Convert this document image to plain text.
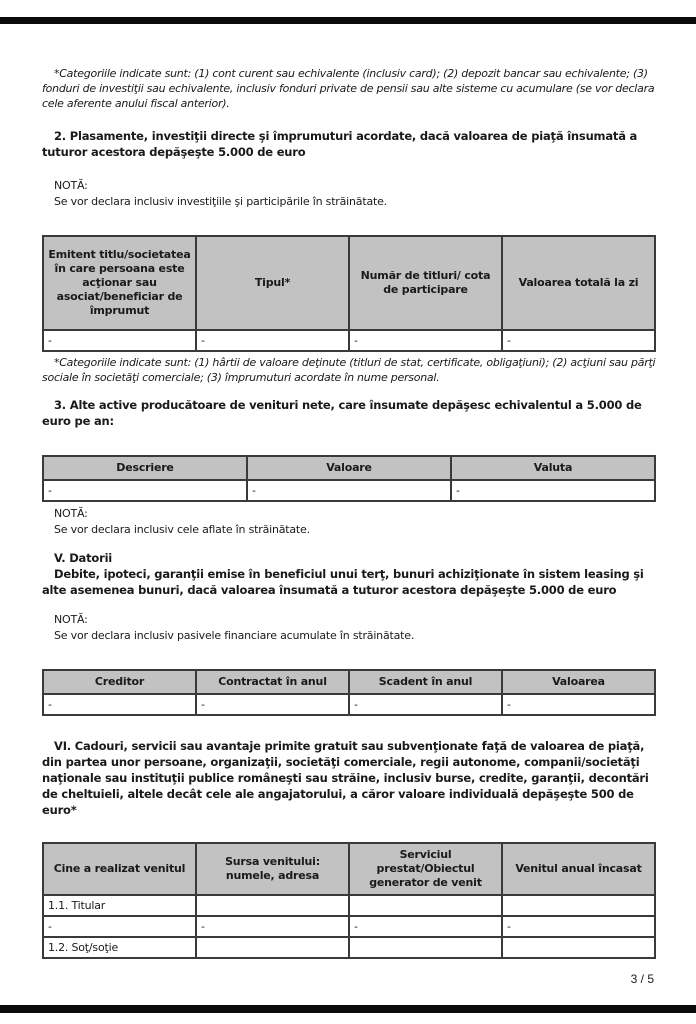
*Categoriile indicate sunt: (1) cont curent sau echivalente (inclusiv card); (2) depozit bancar sau echivalente; (3) fonduri de investiţii sau echivalente, inclusiv fonduri private de pensii sau alte sisteme cu acumulare (se vor declara cele aferente anului fiscal anterior).

2. Plasamente, investiţii directe şi împrumuturi acordate, dacă valoarea de piaţă însumată a tuturor acestora depăşeşte 5.000 de euro

NOTĂ:

Se vor declara inclusiv investiţiile şi participările în străinătate.

Emitent titlu/societatea în care persoana este acţionar sau asociat/beneficiar de împrumut	Tipul*	Număr de titluri/ cota de participare	Valoarea totală la zi
-	-	-	-

*Categoriile indicate sunt: (1) hârtii de valoare deţinute (titluri de stat, certificate, obligaţiuni); (2) acţiuni sau părţi sociale în societăţi comerciale; (3) împrumuturi acordate în nume personal.

3. Alte active producătoare de venituri nete, care însumate depăşesc echivalentul a 5.000 de euro pe an:

Descriere	Valoare	Valuta
-	-	-

NOTĂ:

Se vor declara inclusiv cele aflate în străinătate.

V. Datorii

Debite, ipoteci, garanţii emise în beneficiul unui terţ, bunuri achiziţionate în sistem leasing şi alte asemenea bunuri, dacă valoarea însumată a tuturor acestora depăşeşte 5.000 de euro

NOTĂ:

Se vor declara inclusiv pasivele financiare acumulate în străinătate.

Creditor	Contractat în anul	Scadent în anul	Valoarea
-	-	-	-

VI. Cadouri, servicii sau avantaje primite gratuit sau subvenţionate faţă de valoarea de piaţă, din partea unor persoane, organizaţii, societăţi comerciale, regii autonome, companii/societăţi naţionale sau instituţii publice româneşti sau străine, inclusiv burse, credite, garanţii, decontări de cheltuieli, altele decât cele ale angajatorului, a căror valoare individuală depăşeşte 500 de euro*

Cine a realizat venitul	Sursa venitului: numele, adresa	Serviciul prestat/Obiectul generator de venit	Venitul anual încasat
1.1. Titular			
-	-	-	-
1.2. Soţ/soţie			
3 / 5
